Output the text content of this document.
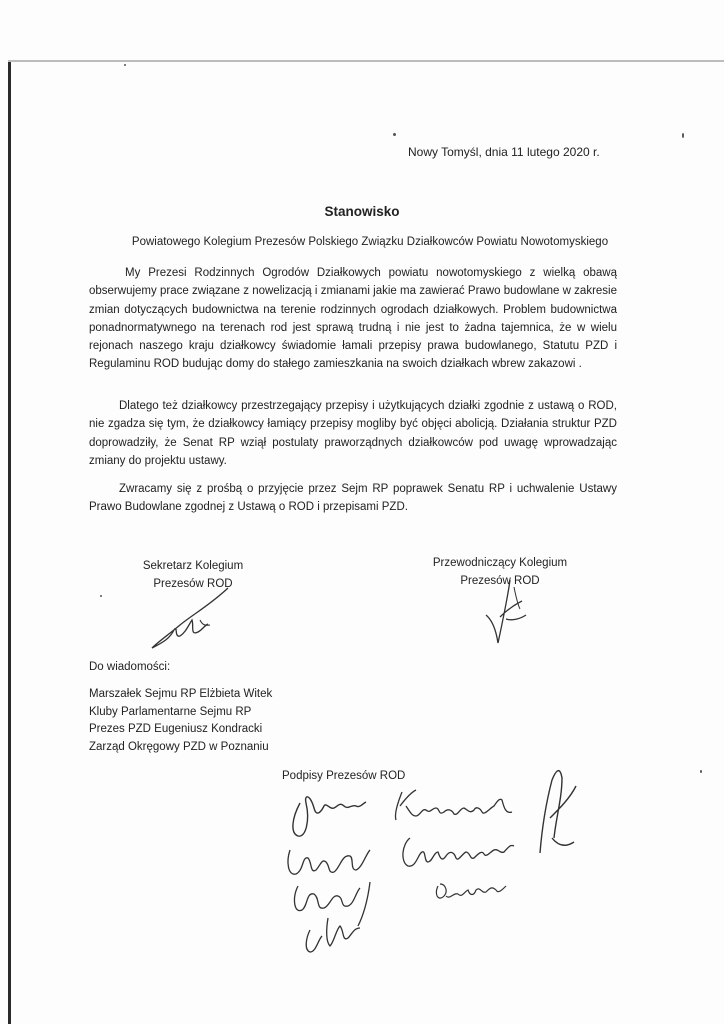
Nowy Tomyśl, dnia 11 lutego 2020 r.
Stanowisko
Powiatowego Kolegium Prezesów Polskiego Związku Działkowców Powiatu Nowotomyskiego

My Prezesi Rodzinnych Ogrodów Działkowych powiatu nowotomyskiego z wielką obawą obserwujemy prace związane z nowelizacją i zmianami jakie ma zawierać Prawo budowlane w zakresie zmian dotyczących budownictwa na terenie rodzinnych ogrodach działkowych. Problem budownictwa ponadnormatywnego na terenach rod jest sprawą trudną i nie jest to żadna tajemnica, że w wielu rejonach naszego kraju działkowcy świadomie łamali przepisy prawa budowlanego, Statutu PZD i Regulaminu ROD budując domy do stałego zamieszkania na swoich działkach wbrew zakazowi .

Dlatego też działkowcy przestrzegający przepisy i użytkujących działki zgodnie z ustawą o ROD, nie zgadza się tym, że działkowcy łamiący przepisy mogliby być objęci abolicją. Działania struktur PZD doprowadziły, że Senat RP wziął postulaty praworządnych działkowców pod uwagę wprowadzając zmiany do projektu ustawy.

Zwracamy się z prośbą o przyjęcie przez Sejm RP poprawek Senatu RP i uchwalenie Ustawy Prawo Budowlane zgodnej z Ustawą o ROD i przepisami PZD.

Sekretarz Kolegium
Prezesów ROD
Przewodniczący Kolegium
Prezesów ROD
Do wiadomości:
Marszałek Sejmu RP Elżbieta Witek
Kluby Parlamentarne Sejmu RP
Prezes PZD Eugeniusz Kondracki
Zarząd Okręgowy PZD w Poznaniu
Podpisy Prezesów ROD
